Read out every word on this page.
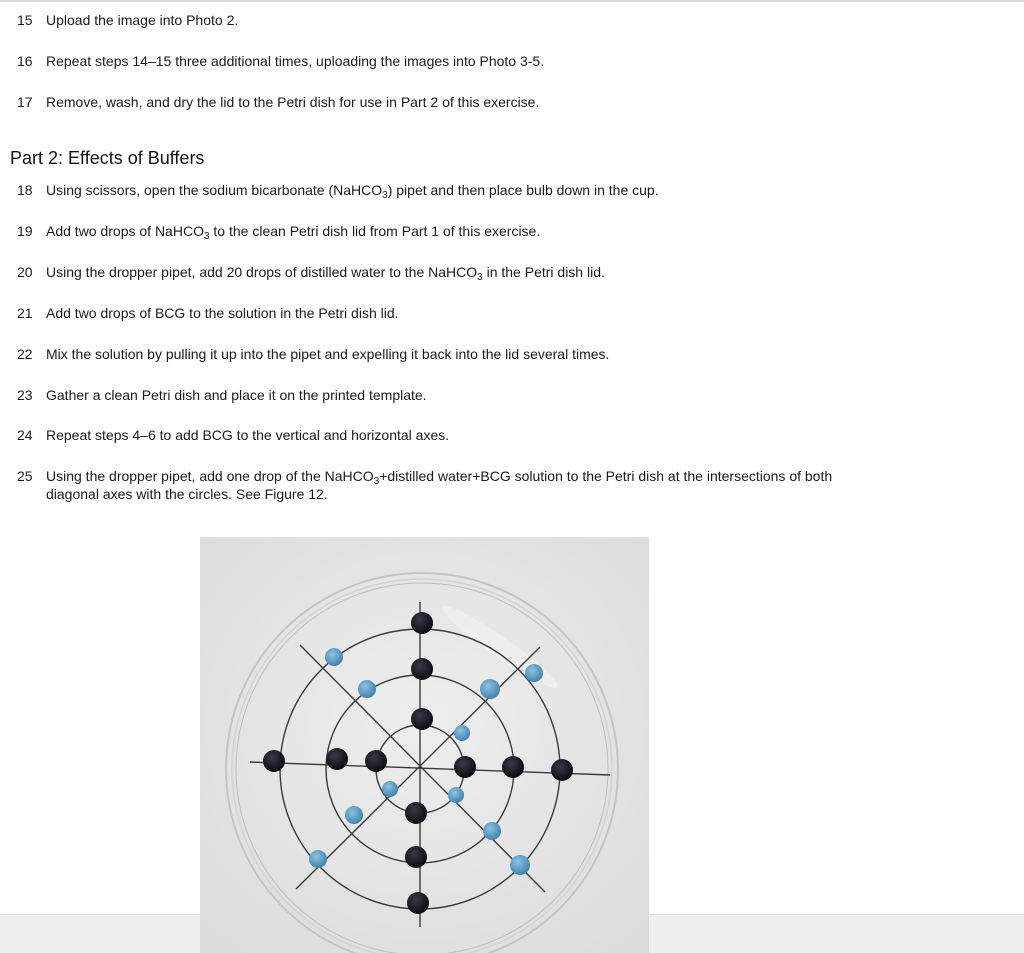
15 Upload the image into Photo 2.
16 Repeat steps 14–15 three additional times, uploading the images into Photo 3-5.
17 Remove, wash, and dry the lid to the Petri dish for use in Part 2 of this exercise.
Part 2: Effects of Buffers
18 Using scissors, open the sodium bicarbonate (NaHCO$_3$) pipet and then place bulb down in the cup.
19 Add two drops of NaHCO$_3$ to the clean Petri dish lid from Part 1 of this exercise.
20 Using the dropper pipet, add 20 drops of distilled water to the NaHCO$_3$ in the Petri dish lid.
21 Add two drops of BCG to the solution in the Petri dish lid.
22 Mix the solution by pulling it up into the pipet and expelling it back into the lid several times.
23 Gather a clean Petri dish and place it on the printed template.
24 Repeat steps 4–6 to add BCG to the vertical and horizontal axes.
25 Using the dropper pipet, add one drop of the NaHCO$_3$+distilled water+BCG solution to the Petri dish at the intersections of both diagonal axes with the circles. See Figure 12.
